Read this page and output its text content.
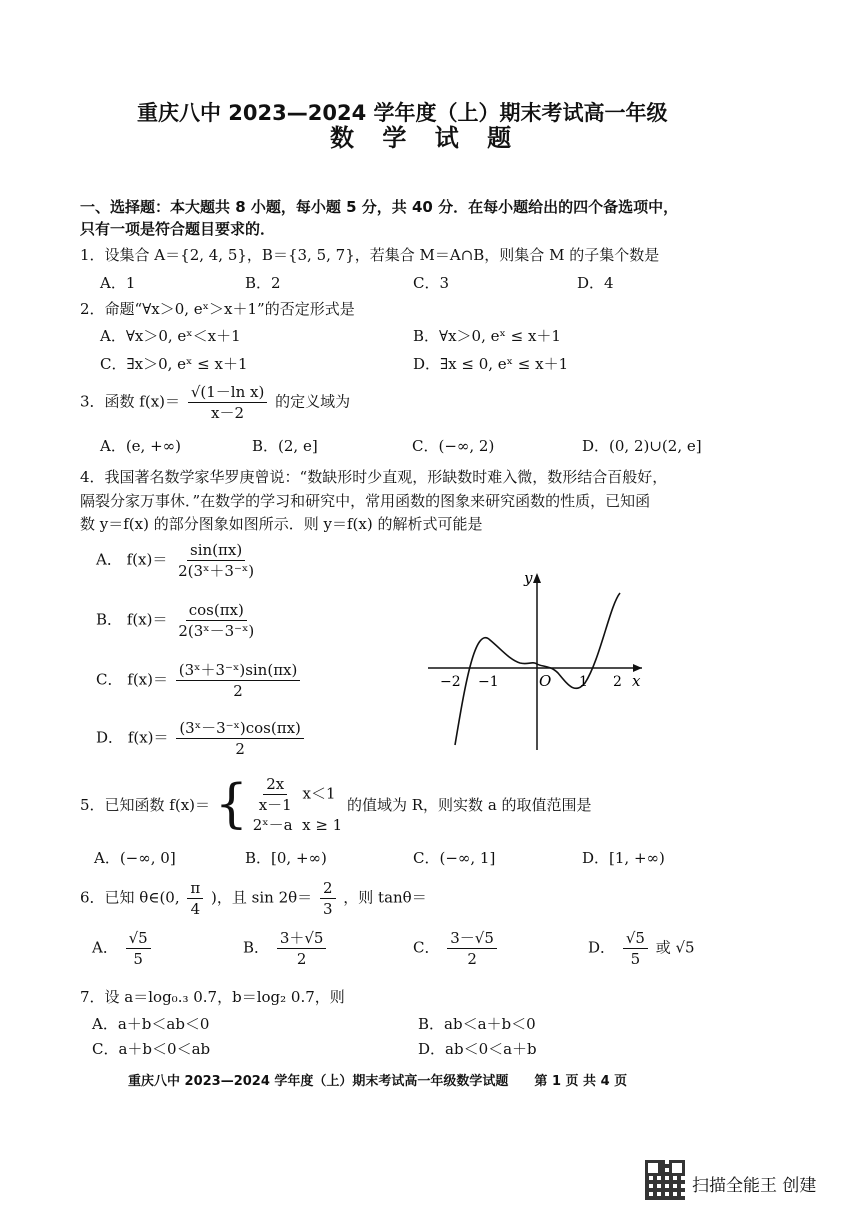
重庆八中 2023—2024 学年度（上）期末考试高一年级
数 学 试 题
一、选择题：本大题共 8 小题，每小题 5 分，共 40 分．在每小题给出的四个备选项中，
只有一项是符合题目要求的．
1．设集合 A＝{2, 4, 5}，B＝{3, 5, 7}，若集合 M＝A∩B，则集合 M 的子集个数是
A．1	B．2	C．3	D．4
2．命题“∀x＞0, eˣ＞x＋1”的否定形式是
A．∀x＞0, eˣ＜x＋1	B．∀x＞0, eˣ ≤ x＋1
C．∃x＞0, eˣ ≤ x＋1	D．∃x ≤ 0, eˣ ≤ x＋1
3．函数 $f(x)= \frac{\text{√(1－ln x)}}{x-2}$ 的定义域为
A．(e, +∞)	B．(2, e]	C．(−∞, 2)	D．(0, 2)∪(2, e]
4．我国著名数学家华罗庚曾说：“数缺形时少直观，形缺数时难入微，数形结合百般好，
隔裂分家万事休．”在数学的学习和研究中，常用函数的图象来研究函数的性质，已知函
数 y＝f(x) 的部分图象如图所示．则 y＝f(x) 的解析式可能是
A． $f(x)= \frac{\sin(\pi x)}{\text{2(3ˣ＋3⁻ˣ)}}$
B． $f(x)= \frac{\cos(\pi x)}{\text{2(3ˣ－3⁻ˣ)}}$
C． $f(x)= \frac{\text{(3ˣ＋3⁻ˣ)sin(πx)}}{2}$
D． $f(x)= \frac{\text{(3ˣ－3⁻ˣ)cos(πx)}}{2}$
y
x
O
−2 −1	1 2
5．已知函数 f(x)＝ { $\frac{2x}{x-1} x<1$
2ˣ－a x ≥ 1
的值域为 R，则实数 a 的取值范围是
A．(−∞, 0]	B．[0, +∞)	C．(−∞, 1]	D．[1, +∞)
6．已知 θ∈(0, $\frac{\pi}{4}$ )，且 $\sin 2\theta= \frac{2}{3}$ ，则 tanθ＝
A． $\frac{√5}{5}$	B． $\frac{3+√5}{2}$	C． $\frac{3-√5}{2}$	D． $\frac{√5}{5}$ 或 √5
7．设 a＝log₀.₃ 0.7，b＝log₂ 0.7，则
A．a＋b＜ab＜0	B．ab＜a＋b＜0
C．a＋b＜0＜ab	D．ab＜0＜a＋b
重庆八中 2023—2024 学年度（上）期末考试高一年级数学试题　　第 1 页 共 4 页
扫描全能王 创建
